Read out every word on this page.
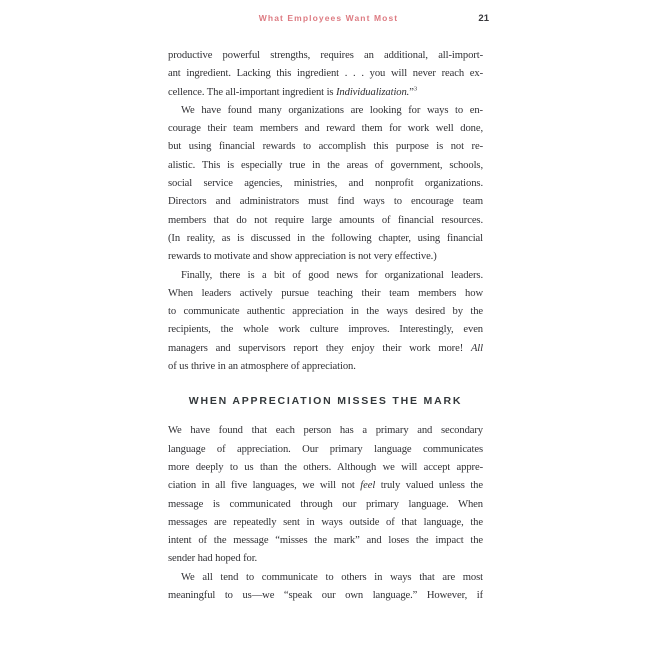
What Employees Want Most	21
productive powerful strengths, requires an additional, all-import-
ant ingredient. Lacking this ingredient . . . you will never reach ex-
cellence. The all-important ingredient is Individualization.”$^3$
We have found many organizations are looking for ways to en-
courage their team members and reward them for work well done,
but using financial rewards to accomplish this purpose is not re-
alistic. This is especially true in the areas of government, schools,
social service agencies, ministries, and nonprofit organizations.
Directors and administrators must find ways to encourage team
members that do not require large amounts of financial resources.
(In reality, as is discussed in the following chapter, using financial
rewards to motivate and show appreciation is not very effective.)
Finally, there is a bit of good news for organizational leaders.
When leaders actively pursue teaching their team members how
to communicate authentic appreciation in the ways desired by the
recipients, the whole work culture improves. Interestingly, even
managers and supervisors report they enjoy their work more! All
of us thrive in an atmosphere of appreciation.
WHEN APPRECIATION MISSES THE MARK
We have found that each person has a primary and secondary
language of appreciation. Our primary language communicates
more deeply to us than the others. Although we will accept appre-
ciation in all five languages, we will not feel truly valued unless the
message is communicated through our primary language. When
messages are repeatedly sent in ways outside of that language, the
intent of the message “misses the mark” and loses the impact the
sender had hoped for.
We all tend to communicate to others in ways that are most
meaningful to us—we “speak our own language.” However, if
